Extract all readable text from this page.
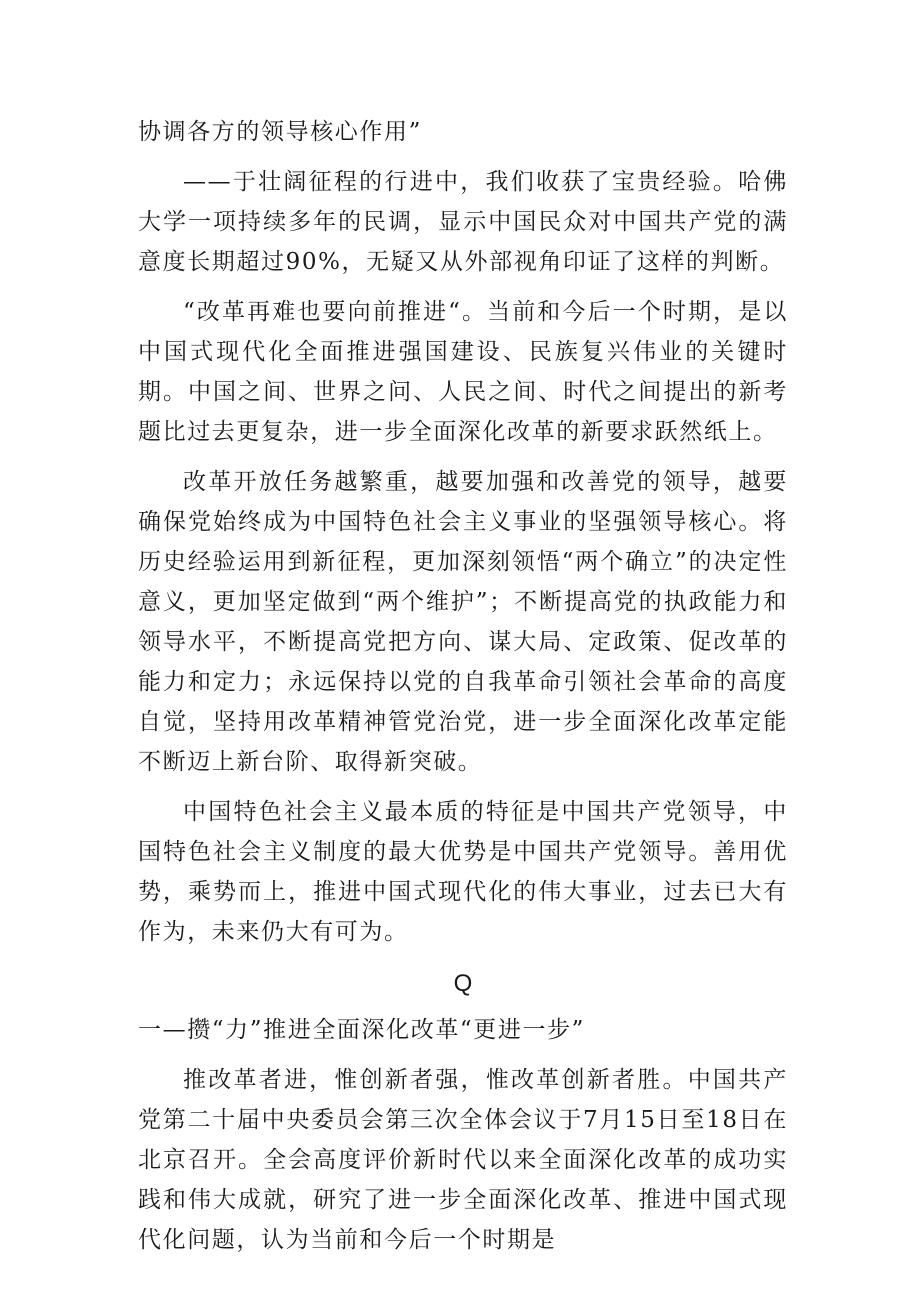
协调各方的领导核心作用”

——于壮阔征程的行进中，我们收获了宝贵经验。哈佛大学一项持续多年的民调，显示中国民众对中国共产党的满意度长期超过90%，无疑又从外部视角印证了这样的判断。

“改革再难也要向前推进“。当前和今后一个时期，是以中国式现代化全面推进强国建设、民族复兴伟业的关键时期。中国之间、世界之问、人民之间、时代之间提出的新考题比过去更复杂，进一步全面深化改革的新要求跃然纸上。

改革开放任务越繁重，越要加强和改善党的领导，越要确保党始终成为中国特色社会主义事业的坚强领导核心。将历史经验运用到新征程，更加深刻领悟“两个确立”的决定性意义，更加坚定做到“两个维护”；不断提高党的执政能力和领导水平，不断提高党把方向、谋大局、定政策、促改革的能力和定力；永远保持以党的自我革命引领社会革命的高度自觉，坚持用改革精神管党治党，进一步全面深化改革定能不断迈上新台阶、取得新突破。

中国特色社会主义最本质的特征是中国共产党领导，中国特色社会主义制度的最大优势是中国共产党领导。善用优势，乘势而上，推进中国式现代化的伟大事业，过去已大有作为，未来仍大有可为。

Q

一—攒“力”推进全面深化改革“更进一步”

推改革者进，惟创新者强，惟改革创新者胜。中国共产党第二十届中央委员会第三次全体会议于7月15日至18日在北京召开。全会高度评价新时代以来全面深化改革的成功实践和伟大成就，研究了进一步全面深化改革、推进中国式现代化问题，认为当前和今后一个时期是
